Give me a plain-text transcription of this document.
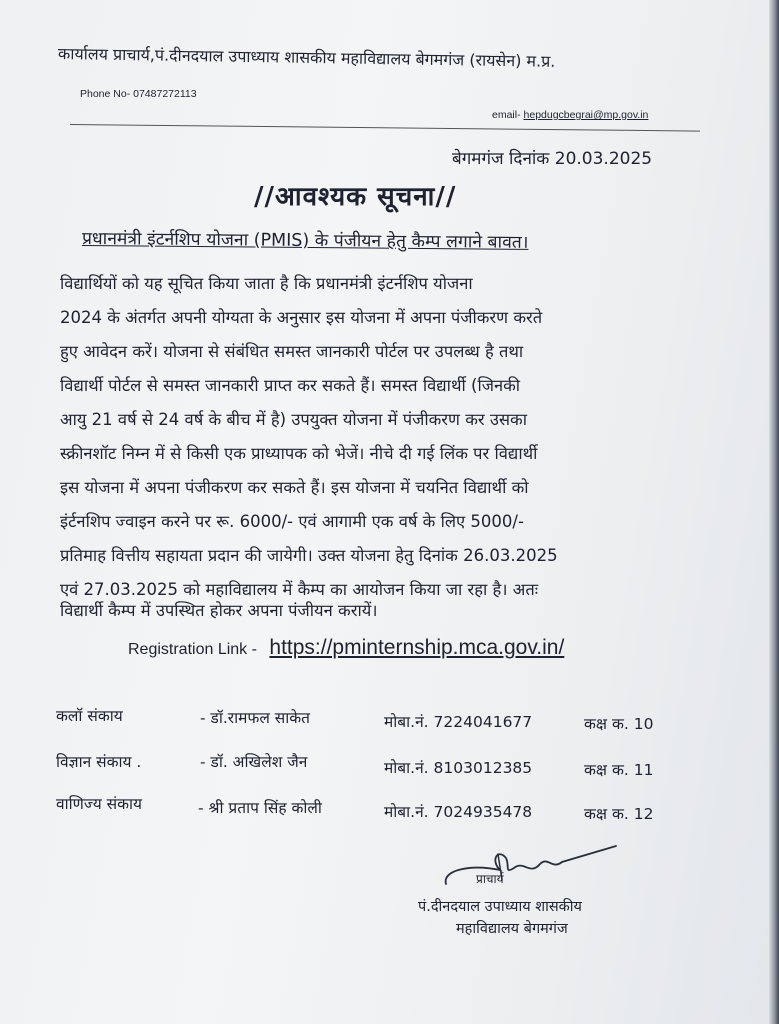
कार्यालय प्राचार्य,पं.दीनदयाल उपाध्याय शासकीय महाविद्यालय बेगमगंज (रायसेन) म.प्र.
Phone No- 07487272113
email- hepdugcbegrai@mp.gov.in
बेगमगंज दिनांक 20.03.2025
//आवश्यक सूचना//
प्रधानमंत्री इंटर्नशिप योजना (PMIS) के पंजीयन हेतु कैम्प लगाने बावत।
विद्यार्थियों को यह सूचित किया जाता है कि प्रधानमंत्री इंटर्नशिप योजना
2024 के अंतर्गत अपनी योग्यता के अनुसार इस योजना में अपना पंजीकरण करते
हुए आवेदन करें। योजना से संबंधित समस्त जानकारी पोर्टल पर उपलब्ध है तथा
विद्यार्थी पोर्टल से समस्त जानकारी प्राप्त कर सकते हैं। समस्त विद्यार्थी (जिनकी
आयु 21 वर्ष से 24 वर्ष के बीच में है) उपयुक्त योजना में पंजीकरण कर उसका
स्क्रीनशॉट निम्न में से किसी एक प्राध्यापक को भेजें। नीचे दी गई लिंक पर विद्यार्थी
इस योजना में अपना पंजीकरण कर सकते हैं। इस योजना में चयनित विद्यार्थी को
इंर्टनशिप ज्वाइन करने पर रू. 6000/- एवं आगामी एक वर्ष के लिए 5000/-
प्रतिमाह वित्तीय सहायता प्रदान की जायेगी। उक्त योजना हेतु दिनांक 26.03.2025
एवं 27.03.2025 को महाविद्यालय में कैम्प का आयोजन किया जा रहा है। अतः
विद्यार्थी कैम्प में उपस्थित होकर अपना पंजीयन करायें।
Registration Link - https://pminternship.mca.gov.in/
कलॉ संकाय	- डॉ.रामफल साकेत	मोबा.नं. 7224041677	कक्ष क. 10
विज्ञान संकाय .	- डॉ. अखिलेश जैन	मोबा.नं. 8103012385	कक्ष क. 11
वाणिज्य संकाय	- श्री प्रताप सिंह कोली	मोबा.नं. 7024935478	कक्ष क. 12
प्राचार्य
पं.दीनदयाल उपाध्याय शासकीय
महाविद्यालय बेगमगंज
